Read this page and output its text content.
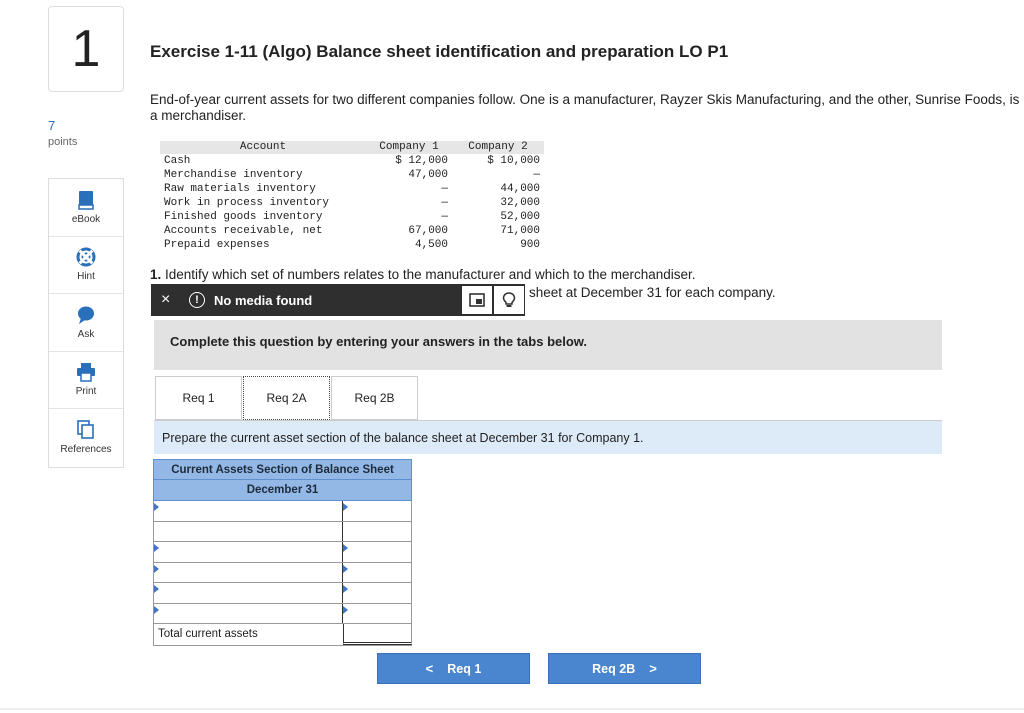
1
7
points
eBook
Hint
Ask
Print
References
Exercise 1-11 (Algo) Balance sheet identification and preparation LO P1
End-of-year current assets for two different companies follow. One is a manufacturer, Rayzer Skis Manufacturing, and the other, Sunrise Foods, is a merchandiser.
Account	Company 1	Company 2
Cash	$ 12,000	$ 10,000
Merchandise inventory	47,000	—
Raw materials inventory	—	44,000
Work in process inventory	—	32,000
Finished goods inventory	—	52,000
Accounts receivable, net	67,000	71,000
Prepaid expenses	4,500	900
1. Identify which set of numbers relates to the manufacturer and which to the merchandiser.
sheet at December 31 for each company.
×	!	No media found
Complete this question by entering your answers in the tabs below.
Req 1	Req 2A	Req 2B
Prepare the current asset section of the balance sheet at December 31 for Company 1.
Current Assets Section of Balance Sheet
December 31
Total current assets
< Req 1	Req 2B >
